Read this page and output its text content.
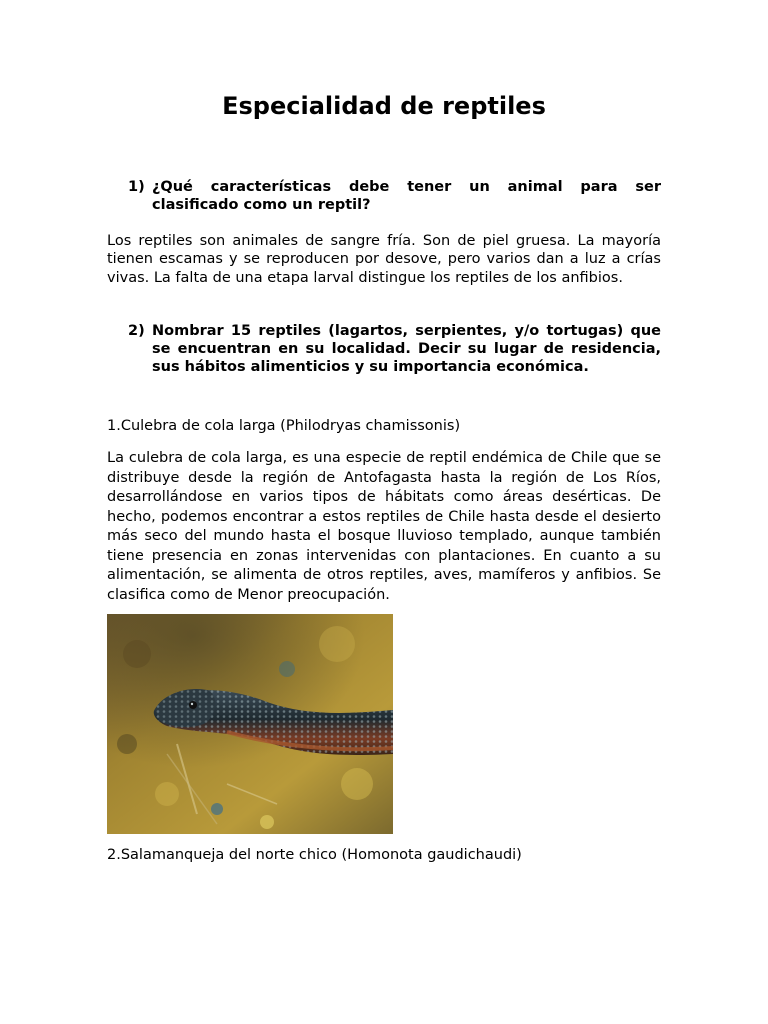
Especialidad de reptiles
1) ¿Qué características debe tener un animal para ser clasificado como un reptil?

Los reptiles son animales de sangre fría. Son de piel gruesa. La mayoría tienen escamas y se reproducen por desove, pero varios dan a luz a crías vivas. La falta de una etapa larval distingue los reptiles de los anfibios.

2) Nombrar 15 reptiles (lagartos, serpientes, y/o tortugas) que se encuentran en su localidad. Decir su lugar de residencia, sus hábitos alimenticios y su importancia económica.
1.Culebra de cola larga (Philodryas chamissonis)

La culebra de cola larga, es una especie de reptil endémica de Chile que se distribuye desde la región de Antofagasta hasta la región de Los Ríos, desarrollándose en varios tipos de hábitats como áreas desérticas. De hecho, podemos encontrar a estos reptiles de Chile hasta desde el desierto más seco del mundo hasta el bosque lluvioso templado, aunque también tiene presencia en zonas intervenidas con plantaciones. En cuanto a su alimentación, se alimenta de otros reptiles, aves, mamíferos y anfibios. Se clasifica como de Menor preocupación.

2.Salamanqueja del norte chico (Homonota gaudichaudi)
